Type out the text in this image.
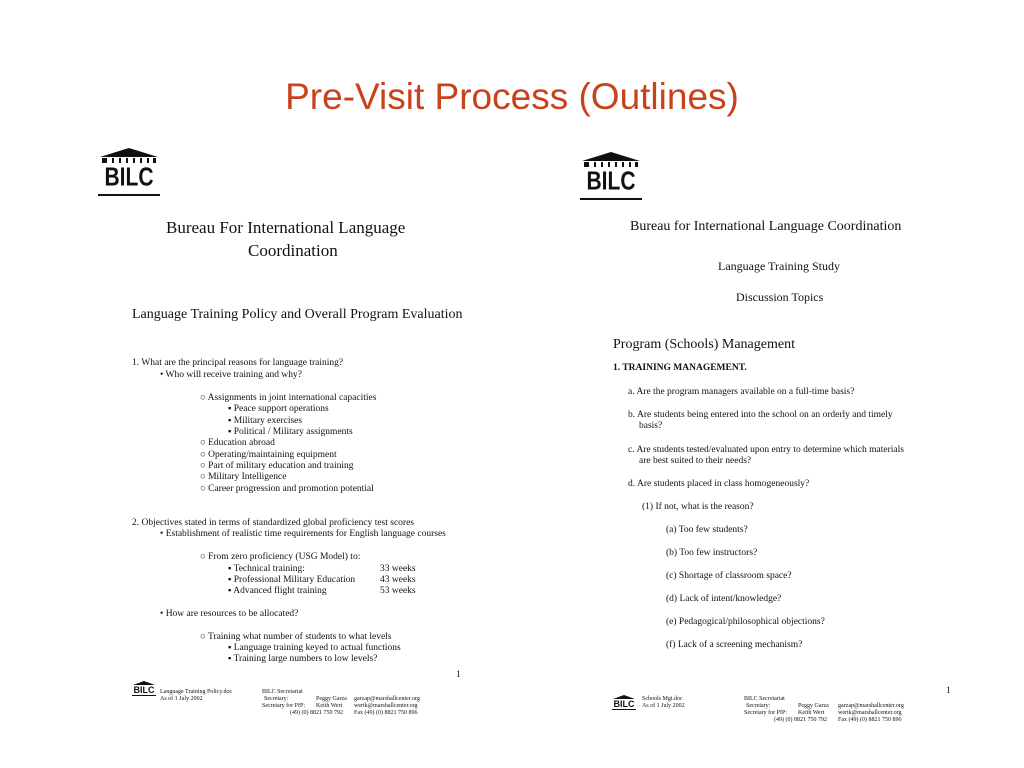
Pre-Visit Process (Outlines)
BILC
Bureau For International Language
Coordination
Language Training Policy and Overall Program Evaluation
1. What are the principal reasons for language training?
• Who will receive training and why?
○ Assignments in joint international capacities
▪ Peace support operations
▪ Military exercises
▪ Political / Military assignments
○ Education abroad
○ Operating/maintaining equipment
○ Part of military education and training
○ Military Intelligence
○ Career progression and promotion potential
2. Objectives stated in terms of standardized global proficiency test scores
• Establishment of realistic time requirements for English language courses
○ From zero proficiency (USG Model) to:
▪ Technical training:
▪ Professional Military Education
▪ Advanced flight training
33 weeks
43 weeks
53 weeks
• How are resources to be allocated?
○ Training what number of students to what levels
▪ Language training keyed to actual functions
▪ Training large numbers to low levels?
1
BILC Language Training Policy.doc
As of 1 July 2002
BILC Secretariat
Secretary:	Peggy Garza garzap@marshallcenter.org
Secretary for PfP: Keith Wert wertk@marshallcenter.org
(49) (0) 8821 750 792 Fax (49) (0) 8821 750 896
BILC
Bureau for International Language Coordination
Language Training Study
Discussion Topics
Program (Schools) Management
1. TRAINING MANAGEMENT.
a. Are the program managers available on a full-time basis?
b. Are students being entered into the school on an orderly and timely
basis?
c. Are students tested/evaluated upon entry to determine which materials
are best suited to their needs?
d. Are students placed in class homogeneously?
(1) If not, what is the reason?
(a) Too few students?
(b) Too few instructors?
(c) Shortage of classroom space?
(d) Lack of intent/knowledge?
(e) Pedagogical/philosophical objections?
(f) Lack of a screening mechanism?
1
BILC Schools Mgt.doc
As of 1 July 2002
BILC Secretariat
Secretary:	Peggy Garza garzap@marshallcenter.org
Secretary for PfP: Keith Wert wertk@marshallcenter.org
(49) (0) 8821 750 792 Fax (49) (0) 8821 750 896
